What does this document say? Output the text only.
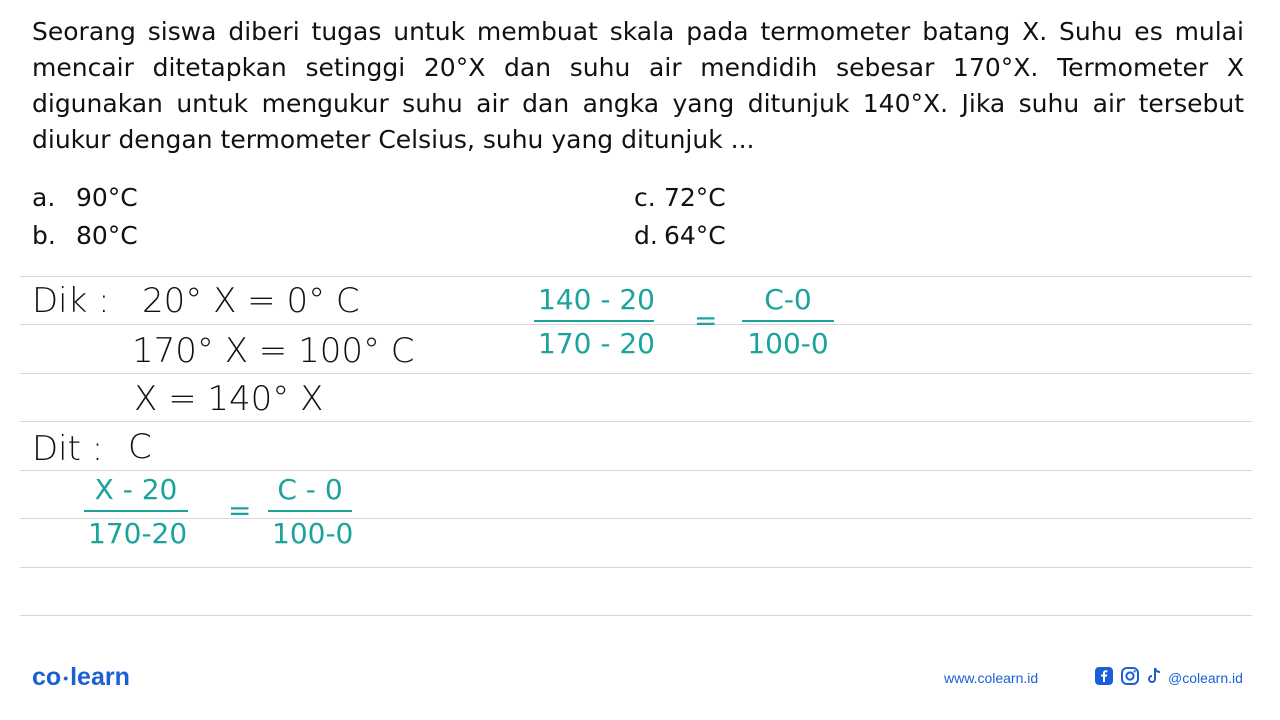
Seorang siswa diberi tugas untuk membuat skala pada termometer batang X. Suhu es mulai mencair ditetapkan setinggi 20°X dan suhu air mendidih sebesar 170°X. Termometer X digunakan untuk mengukur suhu air dan angka yang ditunjuk 140°X. Jika suhu air tersebut diukur dengan termometer Celsius, suhu yang ditunjuk ...

a. 90°C
b. 80°C
c. 72°C
d. 64°C
Dik : 20° X = 0° C
170° X = 100° C
X = 140° X
Dit : C
X - 20
170-20
=
C - 0
100-0
140 - 20
170 - 20
=
C-0
100-0
co •learn	www.colearn.id	@colearn.id
